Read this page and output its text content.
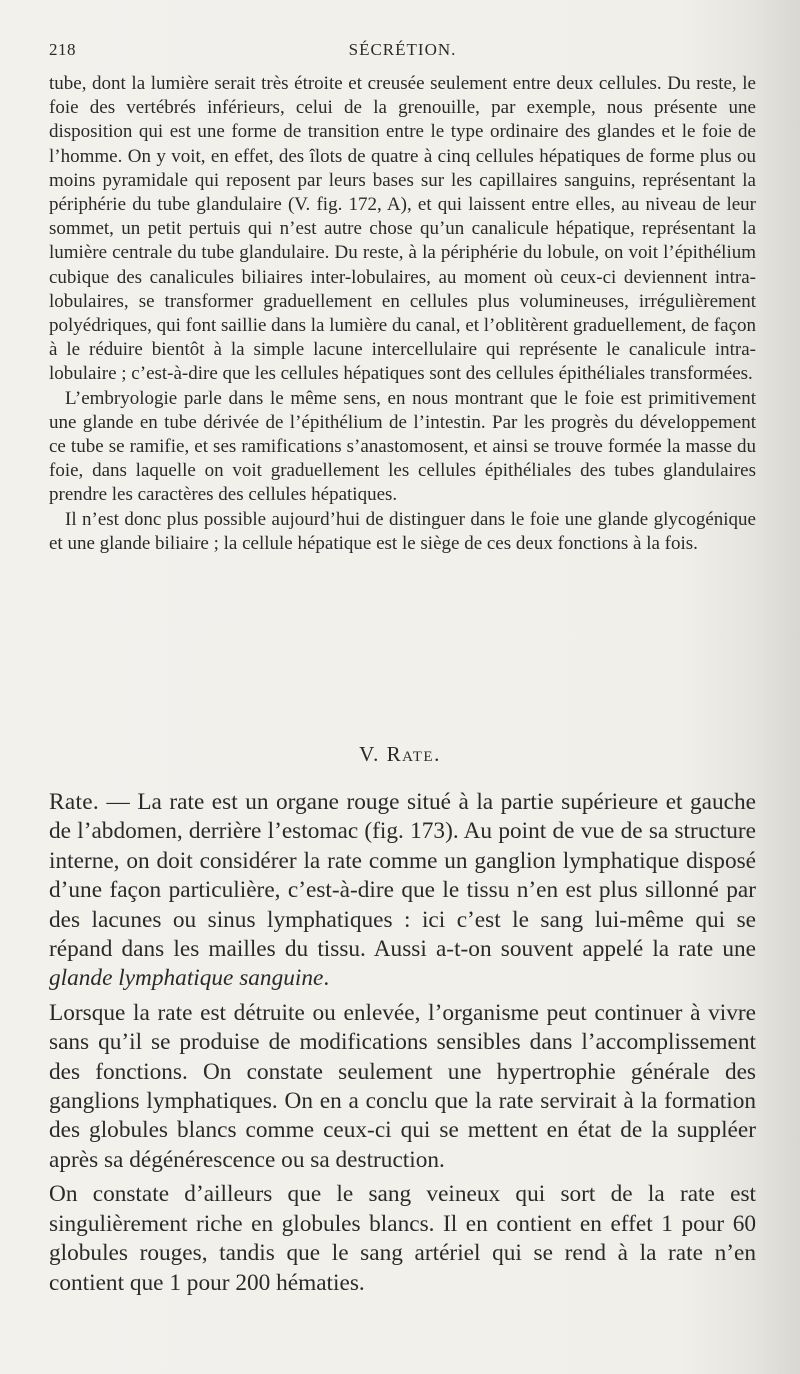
218	SÉCRÉTION.

tube, dont la lumière serait très étroite et creusée seulement entre deux cellules. Du reste, le foie des vertébrés inférieurs, celui de la grenouille, par exemple, nous présente une disposition qui est une forme de transition entre le type ordinaire des glandes et le foie de l’homme. On y voit, en effet, des îlots de quatre à cinq cellules hépatiques de forme plus ou moins pyramidale qui reposent par leurs bases sur les capillaires sanguins, représentant la périphérie du tube glandulaire (V. fig. 172, A), et qui laissent entre elles, au niveau de leur sommet, un petit pertuis qui n’est autre chose qu’un canalicule hépatique, représentant la lumière centrale du tube glandulaire. Du reste, à la périphérie du lobule, on voit l’épithélium cubique des canalicules biliaires inter-lobulaires, au moment où ceux-ci deviennent intra-lobulaires, se transformer graduellement en cellules plus volumineuses, irrégulièrement polyédriques, qui font saillie dans la lumière du canal, et l’oblitèrent graduellement, de façon à le réduire bientôt à la simple lacune intercellulaire qui représente le canalicule intra-lobulaire ; c’est-à-dire que les cellules hépatiques sont des cellules épithéliales transformées.

L’embryologie parle dans le même sens, en nous montrant que le foie est primitivement une glande en tube dérivée de l’épithélium de l’intestin. Par les progrès du développement ce tube se ramifie, et ses ramifications s’anastomosent, et ainsi se trouve formée la masse du foie, dans laquelle on voit graduellement les cellules épithéliales des tubes glandulaires prendre les caractères des cellules hépatiques.

Il n’est donc plus possible aujourd’hui de distinguer dans le foie une glande glycogénique et une glande biliaire ; la cellule hépatique est le siège de ces deux fonctions à la fois.

V. Rate.

Rate. — La rate est un organe rouge situé à la partie supérieure et gauche de l’abdomen, derrière l’estomac (fig. 173). Au point de vue de sa structure interne, on doit considérer la rate comme un ganglion lymphatique disposé d’une façon particulière, c’est-à-dire que le tissu n’en est plus sillonné par des lacunes ou sinus lymphatiques : ici c’est le sang lui-même qui se répand dans les mailles du tissu. Aussi a-t-on souvent appelé la rate une glande lymphatique sanguine.

Lorsque la rate est détruite ou enlevée, l’organisme peut continuer à vivre sans qu’il se produise de modifications sensibles dans l’accomplissement des fonctions. On constate seulement une hypertrophie générale des ganglions lymphatiques. On en a conclu que la rate servirait à la formation des globules blancs comme ceux-ci qui se mettent en état de la suppléer après sa dégénérescence ou sa destruction.

On constate d’ailleurs que le sang veineux qui sort de la rate est singulièrement riche en globules blancs. Il en contient en effet 1 pour 60 globules rouges, tandis que le sang artériel qui se rend à la rate n’en contient que 1 pour 200 hématies.
